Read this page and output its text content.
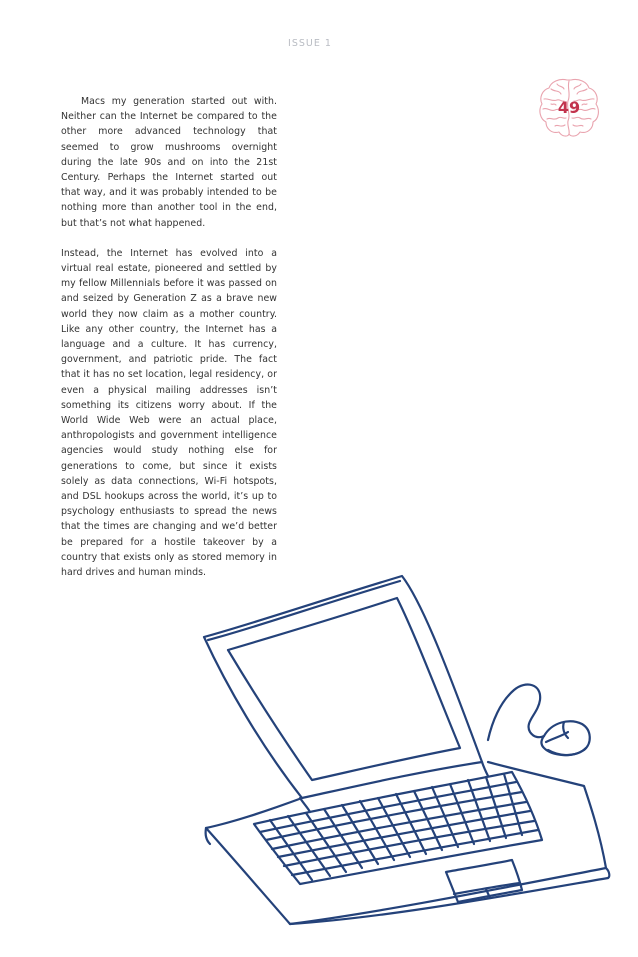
ISSUE 1
49

Macs my generation started out with. Neither can the Internet be compared to the other more advanced technology that seemed to grow mushrooms overnight during the late 90s and on into the 21st Century. Perhaps the Internet started out that way, and it was probably intended to be nothing more than another tool in the end, but that’s not what happened.

Instead, the Internet has evolved into a virtual real estate, pioneered and settled by my fellow Millennials before it was passed on and seized by Generation Z as a brave new world they now claim as a mother country. Like any other country, the Internet has a language and a culture. It has currency, government, and patriotic pride. The fact that it has no set location, legal residency, or even a physical mailing addresses isn’t something its citizens worry about. If the World Wide Web were an actual place, anthropologists and government intelligence agencies would study nothing else for generations to come, but since it exists solely as data connections, Wi-Fi hotspots, and DSL hookups across the world, it’s up to psychology enthusiasts to spread the news that the times are changing and we’d better be prepared for a hostile takeover by a country that exists only as stored memory in hard drives and human minds.
